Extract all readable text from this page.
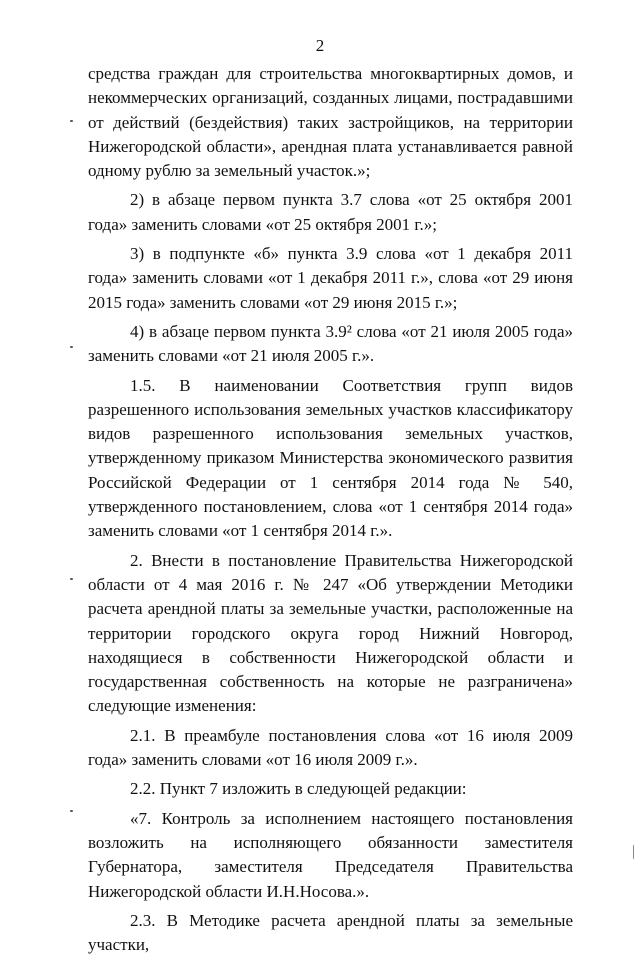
2

средства граждан для строительства многоквартирных домов, и некоммерческих организаций, созданных лицами, пострадавшими от действий (бездействия) таких застройщиков, на территории Нижегородской области», арендная плата устанавливается равной одному рублю за земельный участок.»;

2) в абзаце первом пункта 3.7 слова «от 25 октября 2001 года» заменить словами «от 25 октября 2001 г.»;

3) в подпункте «б» пункта 3.9 слова «от 1 декабря 2011 года» заменить словами «от 1 декабря 2011 г.», слова «от 29 июня 2015 года» заменить словами «от 29 июня 2015 г.»;

4) в абзаце первом пункта 3.9² слова «от 21 июля 2005 года» заменить словами «от 21 июля 2005 г.».

1.5. В наименовании Соответствия групп видов разрешенного использования земельных участков классификатору видов разрешенного использования земельных участков, утвержденному приказом Министерства экономического развития Российской Федерации от 1 сентября 2014 года № 540, утвержденного постановлением, слова «от 1 сентября 2014 года» заменить словами «от 1 сентября 2014 г.».

2. Внести в постановление Правительства Нижегородской области от 4 мая 2016 г. № 247 «Об утверждении Методики расчета арендной платы за земельные участки, расположенные на территории городского округа город Нижний Новгород, находящиеся в собственности Нижегородской области и государственная собственность на которые не разграничена» следующие изменения:

2.1. В преамбуле постановления слова «от 16 июля 2009 года» заменить словами «от 16 июля 2009 г.».

2.2. Пункт 7 изложить в следующей редакции:

«7. Контроль за исполнением настоящего постановления возложить на исполняющего обязанности заместителя Губернатора, заместителя Председателя Правительства Нижегородской области И.Н.Носова.».

2.3. В Методике расчета арендной платы за земельные участки,
